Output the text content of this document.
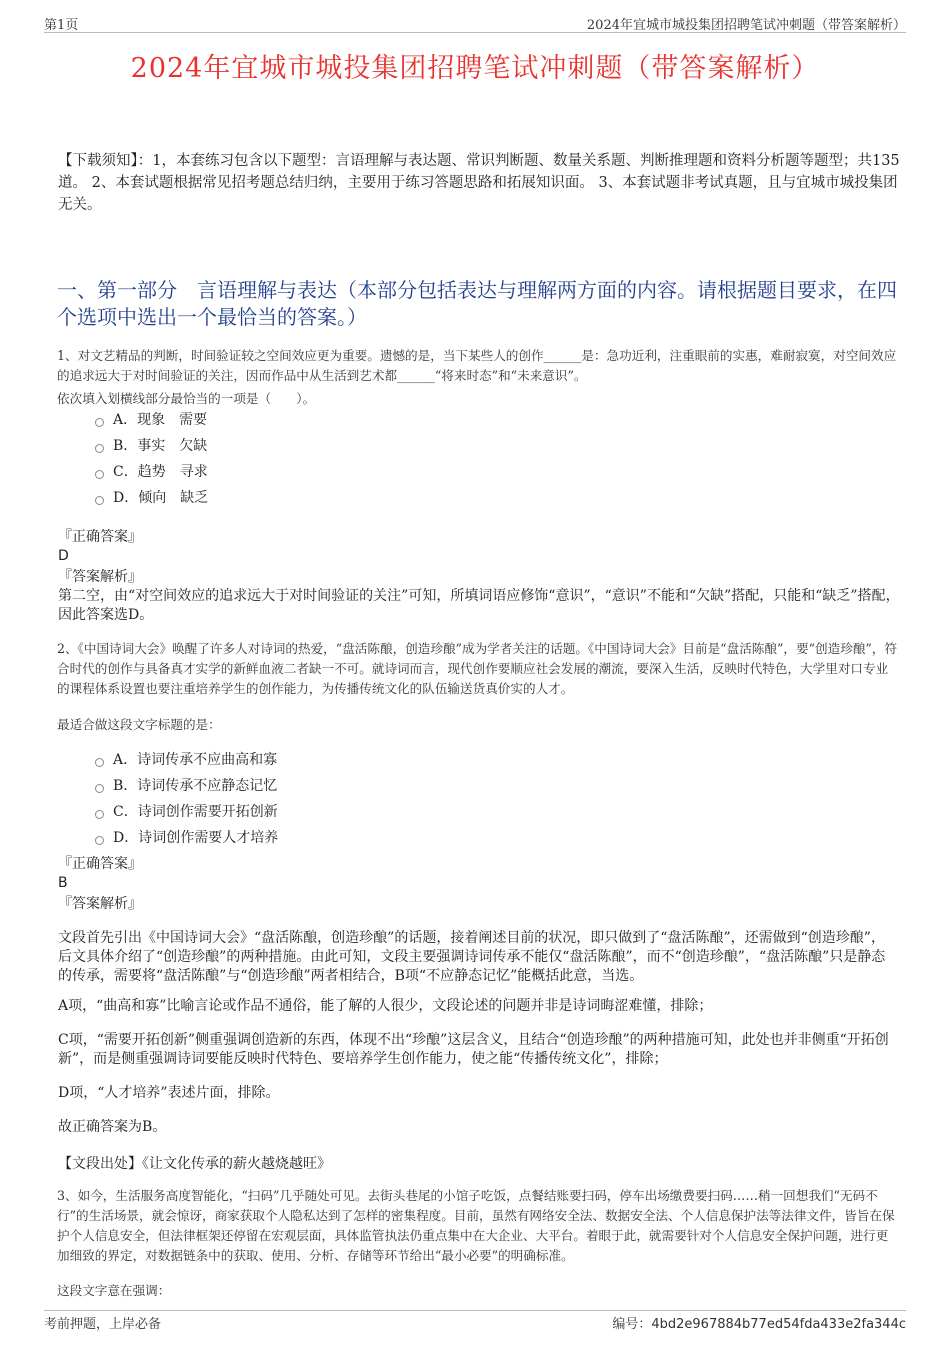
第1页	2024年宜城市城投集团招聘笔试冲刺题（带答案解析）
2024年宜城市城投集团招聘笔试冲刺题（带答案解析）
【下载须知】：1，本套练习包含以下题型：言语理解与表达题、常识判断题、数量关系题、判断推理题和资料分析题等题型；共135道。 2、本套试题根据常见招考题总结归纳，主要用于练习答题思路和拓展知识面。 3、本套试题非考试真题，且与宜城市城投集团无关。
一、第一部分　言语理解与表达（本部分包括表达与理解两方面的内容。请根据题目要求，在四个选项中选出一个最恰当的答案。）
1、对文艺精品的判断，时间验证较之空间效应更为重要。遗憾的是，当下某些人的创作______是：急功近利，注重眼前的实惠，难耐寂寞，对空间效应的追求远大于对时间验证的关注，因而作品中从生活到艺术都______“将来时态”和“未来意识”。
依次填入划横线部分最恰当的一项是（　　）。
A．现象　需要
B．事实　欠缺
C．趋势　寻求
D．倾向　缺乏
『正确答案』
D
『答案解析』
第二空，由“对空间效应的追求远大于对时间验证的关注”可知，所填词语应修饰“意识”，“意识”不能和“欠缺”搭配，只能和“缺乏”搭配，因此答案选D。
2、《中国诗词大会》唤醒了许多人对诗词的热爱，“盘活陈酿，创造珍酿”成为学者关注的话题。《中国诗词大会》目前是“盘活陈酿”，要“创造珍酿”，符合时代的创作与具备真才实学的新鲜血液二者缺一不可。就诗词而言，现代创作要顺应社会发展的潮流，要深入生活，反映时代特色，大学里对口专业的课程体系设置也要注重培养学生的创作能力，为传播传统文化的队伍输送货真价实的人才。
最适合做这段文字标题的是：
A．诗词传承不应曲高和寡
B．诗词传承不应静态记忆
C．诗词创作需要开拓创新
D．诗词创作需要人才培养
『正确答案』
B
『答案解析』
文段首先引出《中国诗词大会》“盘活陈酿，创造珍酿”的话题，接着阐述目前的状况，即只做到了“盘活陈酿”，还需做到“创造珍酿”，后文具体介绍了“创造珍酿”的两种措施。由此可知，文段主要强调诗词传承不能仅“盘活陈酿”，而不“创造珍酿”，“盘活陈酿”只是静态的传承，需要将“盘活陈酿”与“创造珍酿”两者相结合，B项“不应静态记忆”能概括此意，当选。
A项，“曲高和寡”比喻言论或作品不通俗，能了解的人很少，文段论述的问题并非是诗词晦涩难懂，排除；
C项，“需要开拓创新”侧重强调创造新的东西，体现不出“珍酿”这层含义，且结合“创造珍酿”的两种措施可知，此处也并非侧重“开拓创新”，而是侧重强调诗词要能反映时代特色、要培养学生创作能力，使之能“传播传统文化”，排除；
D项，“人才培养”表述片面，排除。
故正确答案为B。
【文段出处】《让文化传承的薪火越烧越旺》
3、如今，生活服务高度智能化，“扫码”几乎随处可见。去街头巷尾的小馆子吃饭，点餐结账要扫码，停车出场缴费要扫码……稍一回想我们“无码不行”的生活场景，就会惊讶，商家获取个人隐私达到了怎样的密集程度。目前，虽然有网络安全法、数据安全法、个人信息保护法等法律文件，皆旨在保护个人信息安全，但法律框架还停留在宏观层面，具体监管执法仍重点集中在大企业、大平台。着眼于此，就需要针对个人信息安全保护问题，进行更加细致的界定，对数据链条中的获取、使用、分析、存储等环节给出“最小必要”的明确标准。
这段文字意在强调：
考前押题，上岸必备	编号：4bd2e967884b77ed54fda433e2fa344c
